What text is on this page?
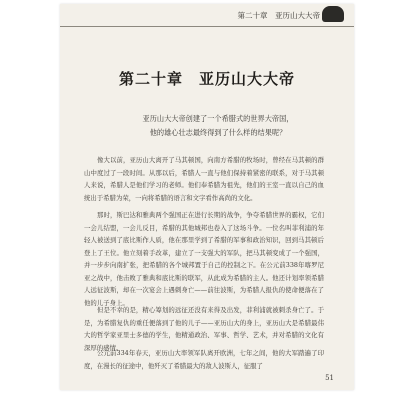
第二十章　亚历山大大帝
第二十章　亚历山大大帝
亚历山大大帝创建了一个希腊式的世界大帝国，
他的雄心壮志最终得到了什么样的结果呢？

像大以前，亚历山大离开了马其顿国，向南方希腊的牧场时，曾经在马其顿的群山中度过了一段时间。从那以后，希腊人一直与他们保持着紧密的联系，对于马其顿人来说，希腊人是他们学习的老师。他们奉希腊为祖先，他们的王室一直以自己的血统出于希腊为荣，一向将希腊的语言和文字看作高尚的文化。

那时，斯巴达和雅典两个强国正在进行长期的战争，争夺希腊世界的霸权，它们一会儿结盟，一会儿反目，希腊的其他城邦也卷入了这场斗争。一位名叫菲利浦的年轻人被送到了底比斯作人质，他在那里学到了希腊的军事和政治知识，回到马其顿后登上了王位。他立刻着手改革，建立了一支强大的军队，把马其顿变成了一个强国，并一步步向南扩张，把希腊的各个城邦置于自己的控制之下。在公元前338年喀罗尼亚之战中，他击败了雅典和底比斯的联军，从此成为希腊的主人。他还计划率领希腊人远征波斯，却在一次宴会上遇刺身亡——前往波斯，为希腊人报仇的使命便落在了他的儿子身上。

但是不幸的是，精心筹划的远征还没有来得及出发，菲利浦就被刺杀身亡了。于是，为希腊复仇的重任便落到了他的儿子——亚历山大的身上，亚历山大是希腊最伟大的哲学家亚里士多德的学生，他精通政治、军事、哲学、艺术，并对希腊的文化有深厚的感情。

公元前334年春天，亚历山大率领军队离开欧洲，七年之间，他的大军踏遍了印度，在漫长的征途中，他歼灭了希腊最大的敌人波斯人，征服了

51
